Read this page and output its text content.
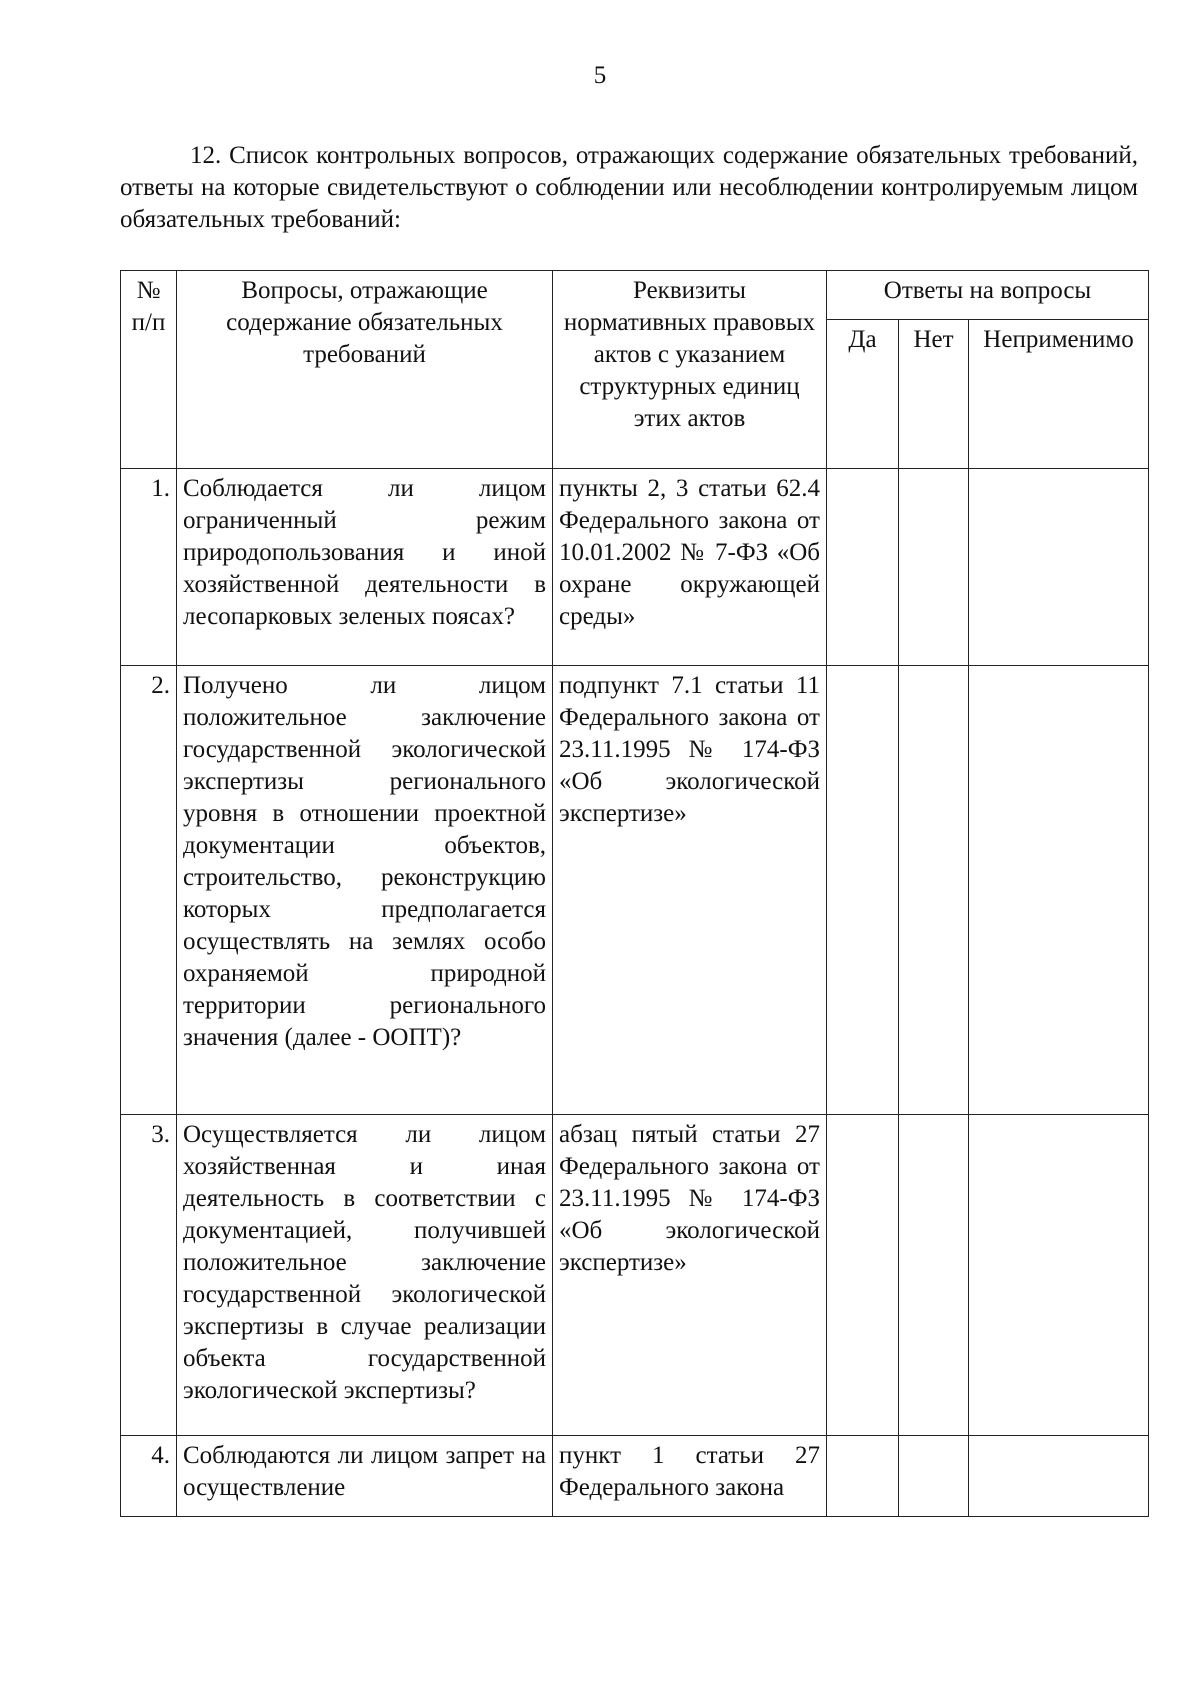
5

12. Список контрольных вопросов, отражающих содержание обязательных требований, ответы на которые свидетельствуют о соблюдении или несоблюдении контролируемым лицом обязательных требований:

№ п/п	Вопросы, отражающие содержание обязательных требований	Реквизиты нормативных правовых актов с указанием структурных единиц этих актов	Ответы на вопросы		
			Да	Нет	Неприменимо
1.	Соблюдается ли лицом ограниченный режим природопользования и иной хозяйственной деятельности в лесопарковых зеленых поясах?	пункты 2, 3 статьи 62.4 Федерального закона от 10.01.2002 № 7-ФЗ «Об охране окружающей среды»			
2.	Получено ли лицом положительное заключение государственной экологической экспертизы регионального уровня в отношении проектной документации объектов, строительство, реконструкцию которых предполагается осуществлять на землях особо охраняемой природной территории регионального значения (далее - ООПТ)?	подпункт 7.1 статьи 11 Федерального закона от 23.11.1995 № 174-ФЗ «Об экологической экспертизе»			
3.	Осуществляется ли лицом хозяйственная и иная деятельность в соответствии с документацией, получившей положительное заключение государственной экологической экспертизы в случае реализации объекта государственной экологической экспертизы?	абзац пятый статьи 27 Федерального закона от 23.11.1995 № 174-ФЗ «Об экологической экспертизе»			
4.	Соблюдаются ли лицом запрет на осуществление	пункт 1 статьи 27 Федерального закона			
